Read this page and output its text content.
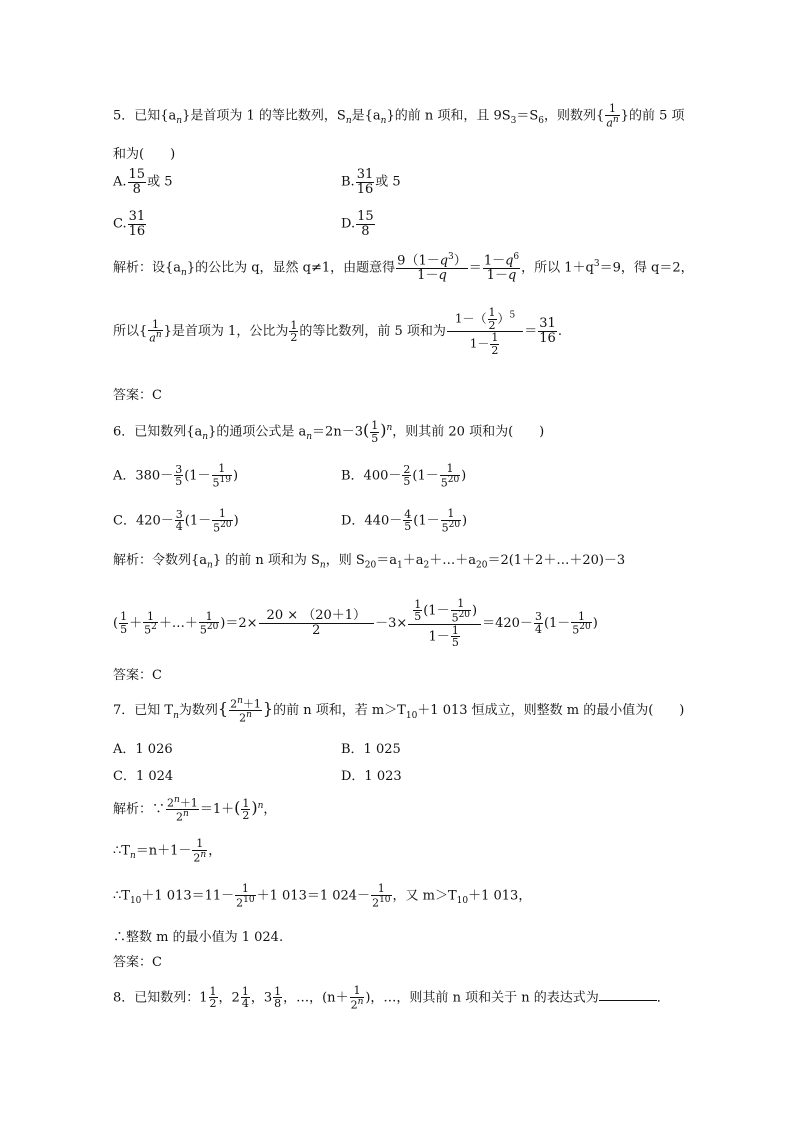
5．已知$\{a_n\}$是首项为 1 的等比数列，$S_n$是$\{a_n\}$的前 n 项和，且 $9S_3=S_6$，则数列{ $\frac{1}{a^n}$ }的前 5 项
和为(　　)
A. $\frac{15}{8}$ 或 5	B. $\frac{31}{16}$ 或 5
C. $\frac{31}{16}$	D. $\frac{15}{8}$
解析：设$\{a_n\}$的公比为 q，显然 q≠1，由题意得 $\frac{9(1-q^3)}{1-q} = \frac{1-q^6}{1-q}$ ，所以 $1+q^3=9$，得 q＝2，
所以{ $\frac{1}{a^n}$ }是首项为 1，公比为 $\frac{1}{2}$ 的等比数列，前 5 项和为 $\frac{1-( \frac{1}{2} )^5}{1- \frac{1}{2}} = \frac{31}{16}$ .
答案：C
6．已知数列$\{a_n\}$的通项公式是 $a_n=2n-3( \frac{1}{5} )^n$，则其前 20 项和为(　　)
A．$380- \frac{3}{5} (1- \frac{1}{5^{19}}$ )	B．$400- \frac{2}{5} (1- \frac{1}{5^{20}}$ )
C．$420- \frac{3}{4} (1- \frac{1}{5^{20}}$ )	D．$440- \frac{4}{5} (1- \frac{1}{5^{20}}$ )
解析：令数列$\{a_n\}$ 的前 n 项和为 $S_n$，则 $S_{20}=a_1+a_2+\dots+a_{20}=2(1+2+\dots+20)-3$
( $\frac{1}{5} + \frac{1}{5^2}$ ＋…＋ $\frac{1}{5^{20}} )=2\times \frac{20 \times (20+1)}{2} -3\times \frac{\frac{1}{5} (1- \frac{1}{5^{20}} )}{1- \frac{1}{5}} =420- \frac{3}{4} (1- \frac{1}{5^{20}}$ )
答案：C
7．已知 $T_n$为数列{ $\frac{2^n+1}{2^n}$ }的前 n 项和，若 $m>T_{10}+1$ 013 恒成立，则整数 m 的最小值为(　　)
A．1 026	B．1 025
C．1 024	D．1 023
解析：∵ $\frac{2^n+1}{2^n} =1+( \frac{1}{2} )^n$，
$\therefore T_n=n+1- \frac{1}{2^n}$ ，
$\therefore T_{10}+1$ $013=11- \frac{1}{2^{10}} +1$ 013＝1 $024- \frac{1}{2^{10}}$ ，又 $m>T_{10}+1$ 013，
∴整数 m 的最小值为 1 024.
答案：C
8．已知数列：$1 \frac{1}{2}$ ，$2 \frac{1}{4}$ ，$3 \frac{1}{8}$ ，…，($n+ \frac{1}{2^n}$ )，…，则其前 n 项和关于 n 的表达式为	．
